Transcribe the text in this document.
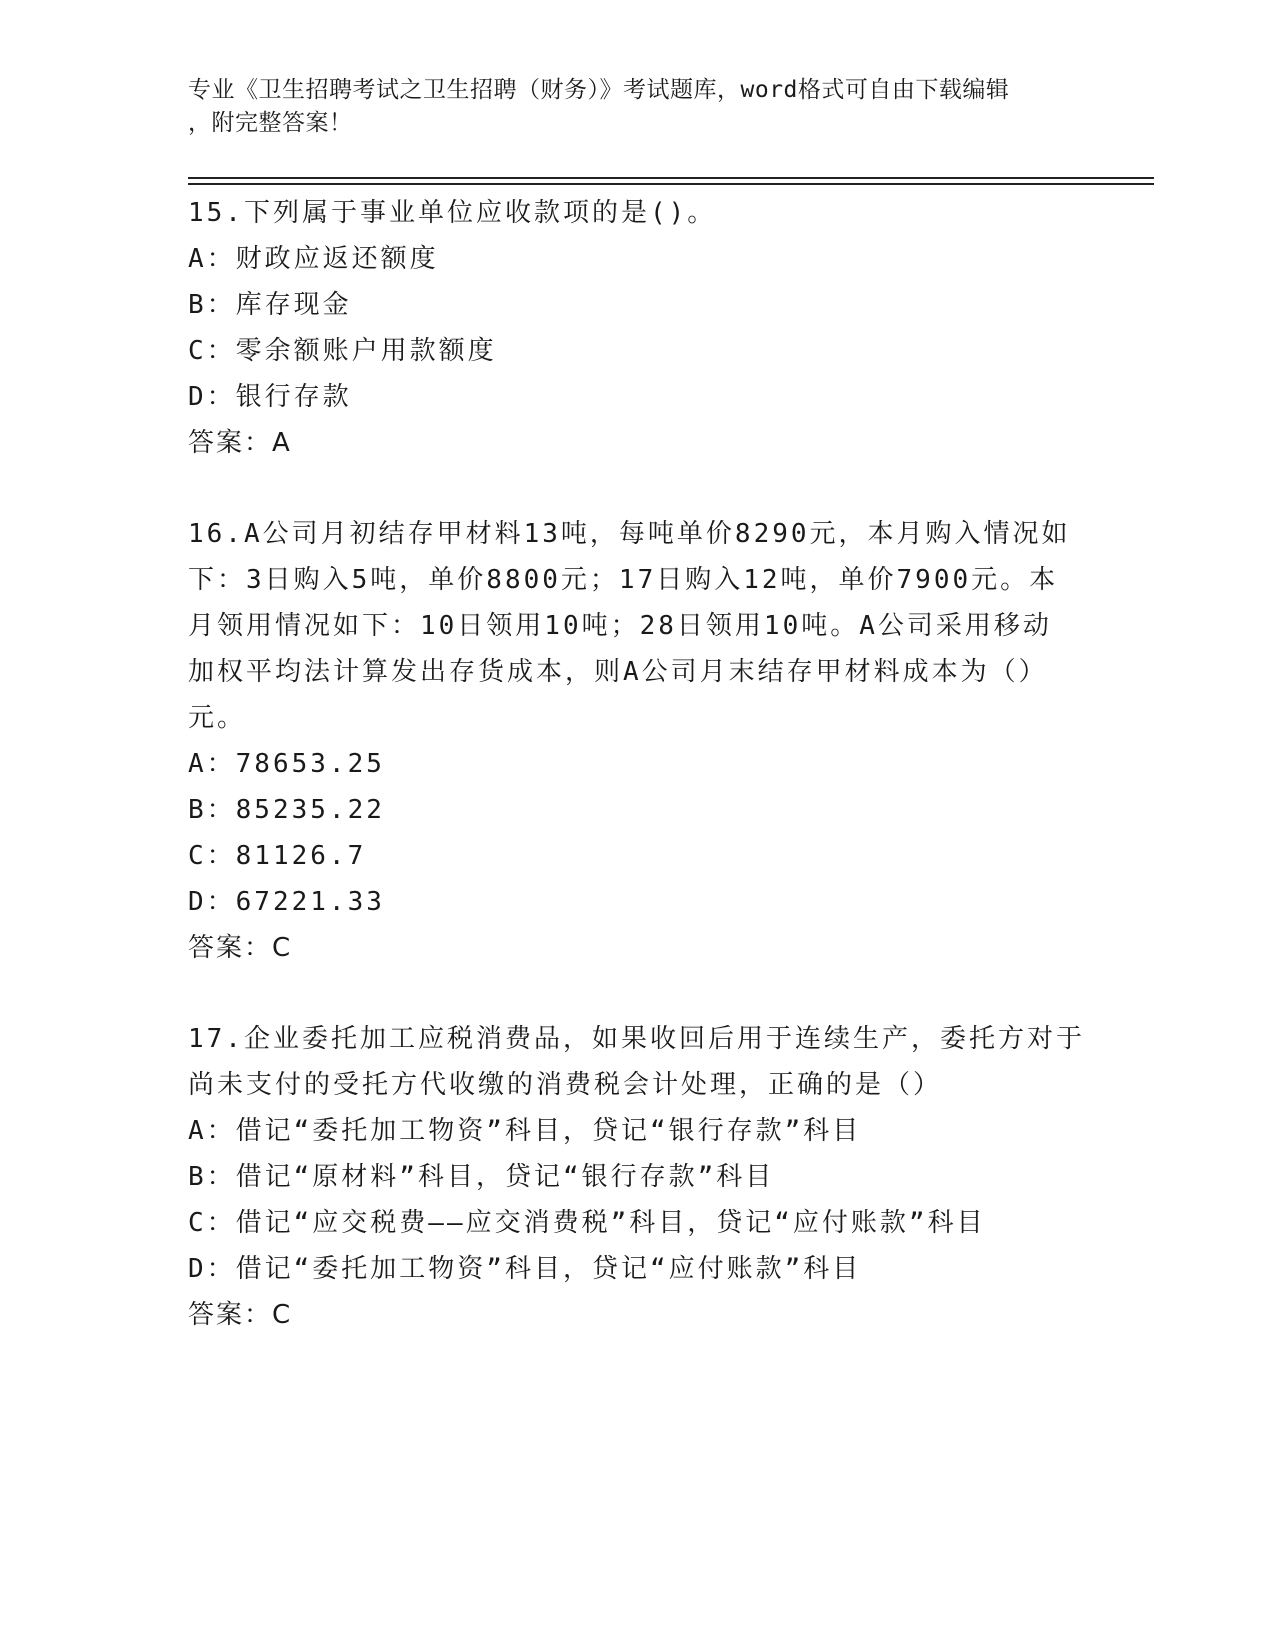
专业《卫生招聘考试之卫生招聘（财务）》考试题库，word格式可自由下载编辑

，附完整答案！

15.下列属于事业单位应收款项的是()。

A：财政应返还额度

B：库存现金

C：零余额账户用款额度

D：银行存款

答案：A

16.A公司月初结存甲材料13吨，每吨单价8290元，本月购入情况如

下：3日购入5吨，单价8800元；17日购入12吨，单价7900元。本

月领用情况如下：10日领用10吨；28日领用10吨。A公司采用移动

加权平均法计算发出存货成本，则A公司月末结存甲材料成本为（）

元。

A：78653.25

B：85235.22

C：81126.7

D：67221.33

答案：C

17.企业委托加工应税消费品，如果收回后用于连续生产，委托方对于

尚未支付的受托方代收缴的消费税会计处理，正确的是（）

A：借记“委托加工物资”科目，贷记“银行存款”科目

B：借记“原材料”科目，贷记“银行存款”科目

C：借记“应交税费——应交消费税”科目，贷记“应付账款”科目

D：借记“委托加工物资”科目，贷记“应付账款”科目

答案：C
